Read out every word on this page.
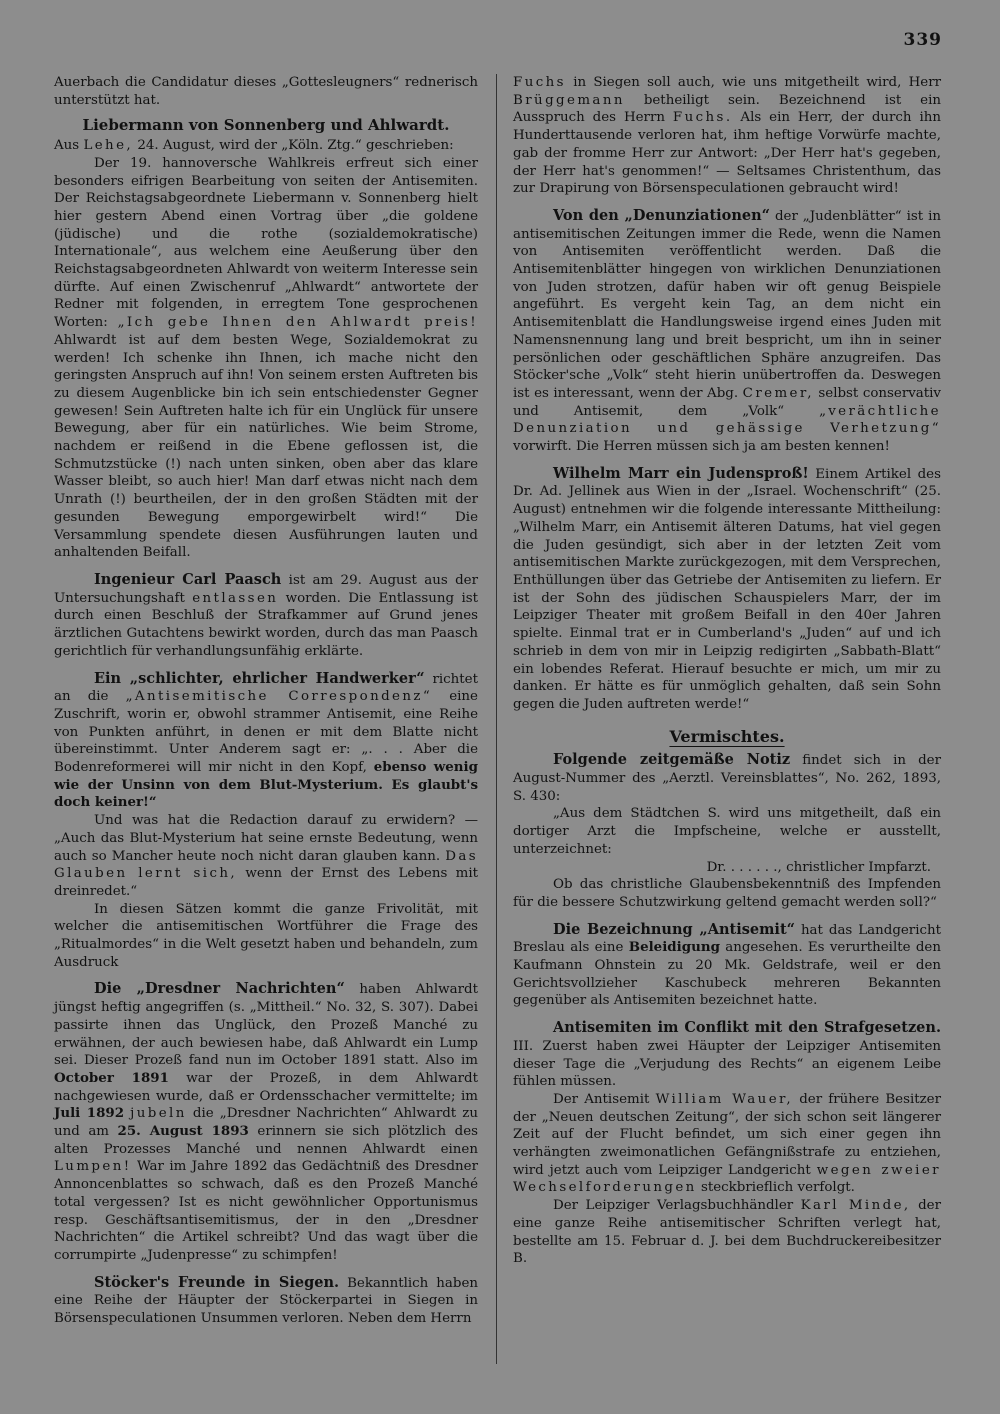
339

Auerbach die Candidatur dieses „Gottesleugners“ rednerisch unterstützt hat.

Liebermann von Sonnenberg und Ahlwardt.

Aus Lehe, 24. August, wird der „Köln. Ztg.“ geschrieben:

Der 19. hannoversche Wahlkreis erfreut sich einer besonders eifrigen Bearbeitung von seiten der Antisemiten. Der Reichstagsabgeordnete Liebermann v. Sonnenberg hielt hier gestern Abend einen Vortrag über „die goldene (jüdische) und die rothe (sozialdemokratische) Internationale“, aus welchem eine Aeußerung über den Reichstagsabgeordneten Ahlwardt von weiterm Interesse sein dürfte. Auf einen Zwischenruf „Ahlwardt“ antwortete der Redner mit folgenden, in erregtem Tone gesprochenen Worten: „Ich gebe Ihnen den Ahlwardt preis! Ahlwardt ist auf dem besten Wege, Sozialdemokrat zu werden! Ich schenke ihn Ihnen, ich mache nicht den geringsten Anspruch auf ihn! Von seinem ersten Auftreten bis zu diesem Augenblicke bin ich sein entschiedenster Gegner gewesen! Sein Auftreten halte ich für ein Unglück für unsere Bewegung, aber für ein natürliches. Wie beim Strome, nachdem er reißend in die Ebene geflossen ist, die Schmutzstücke (!) nach unten sinken, oben aber das klare Wasser bleibt, so auch hier! Man darf etwas nicht nach dem Unrath (!) beurtheilen, der in den großen Städten mit der gesunden Bewegung emporgewirbelt wird!“ Die Versammlung spendete diesen Ausführungen lauten und anhaltenden Beifall.

Ingenieur Carl Paasch ist am 29. August aus der Untersuchungshaft entlassen worden. Die Entlassung ist durch einen Beschluß der Strafkammer auf Grund jenes ärztlichen Gutachtens bewirkt worden, durch das man Paasch gerichtlich für verhandlungsunfähig erklärte.

Ein „schlichter, ehrlicher Handwerker“ richtet an die „Antisemitische Correspondenz“ eine Zuschrift, worin er, obwohl strammer Antisemit, eine Reihe von Punkten anführt, in denen er mit dem Blatte nicht übereinstimmt. Unter Anderem sagt er: „. . . Aber die Bodenreformerei will mir nicht in den Kopf, ebenso wenig wie der Unsinn von dem Blut-Mysterium. Es glaubt's doch keiner!“

Und was hat die Redaction darauf zu erwidern? — „Auch das Blut-Mysterium hat seine ernste Bedeutung, wenn auch so Mancher heute noch nicht daran glauben kann. Das Glauben lernt sich, wenn der Ernst des Lebens mit dreinredet.“

In diesen Sätzen kommt die ganze Frivolität, mit welcher die antisemitischen Wortführer die Frage des „Ritualmordes“ in die Welt gesetzt haben und behandeln, zum Ausdruck

Die „Dresdner Nachrichten“ haben Ahlwardt jüngst heftig angegriffen (s. „Mittheil.“ No. 32, S. 307). Dabei passirte ihnen das Unglück, den Prozeß Manché zu erwähnen, der auch bewiesen habe, daß Ahlwardt ein Lump sei. Dieser Prozeß fand nun im October 1891 statt. Also im October 1891 war der Prozeß, in dem Ahlwardt nachgewiesen wurde, daß er Ordensschacher vermittelte; im Juli 1892 jubeln die „Dresdner Nachrichten“ Ahlwardt zu und am 25. August 1893 erinnern sie sich plötzlich des alten Prozesses Manché und nennen Ahlwardt einen Lumpen! War im Jahre 1892 das Gedächtniß des Dresdner Annoncenblattes so schwach, daß es den Prozeß Manché total vergessen? Ist es nicht gewöhnlicher Opportunismus resp. Geschäftsantisemitismus, der in den „Dresdner Nachrichten“ die Artikel schreibt? Und das wagt über die corrumpirte „Judenpresse“ zu schimpfen!

Stöcker's Freunde in Siegen. Bekanntlich haben eine Reihe der Häupter der Stöckerpartei in Siegen in Börsenspeculationen Unsummen verloren. Neben dem Herrn

Fuchs in Siegen soll auch, wie uns mitgetheilt wird, Herr Brüggemann betheiligt sein. Bezeichnend ist ein Ausspruch des Herrn Fuchs. Als ein Herr, der durch ihn Hunderttausende verloren hat, ihm heftige Vorwürfe machte, gab der fromme Herr zur Antwort: „Der Herr hat's gegeben, der Herr hat's genommen!“ — Seltsames Christenthum, das zur Drapirung von Börsenspeculationen gebraucht wird!

Von den „Denunziationen“ der „Judenblätter“ ist in antisemitischen Zeitungen immer die Rede, wenn die Namen von Antisemiten veröffentlicht werden. Daß die Antisemitenblätter hingegen von wirklichen Denunziationen von Juden strotzen, dafür haben wir oft genug Beispiele angeführt. Es vergeht kein Tag, an dem nicht ein Antisemitenblatt die Handlungsweise irgend eines Juden mit Namensnennung lang und breit bespricht, um ihn in seiner persönlichen oder geschäftlichen Sphäre anzugreifen. Das Stöcker'sche „Volk“ steht hierin unübertroffen da. Deswegen ist es interessant, wenn der Abg. Cremer, selbst conservativ und Antisemit, dem „Volk“	„verächtliche Denunziation und gehässige Verhetzung“ vorwirft. Die Herren müssen sich ja am besten kennen!

Wilhelm Marr ein Judensproß! Einem Artikel des Dr. Ad. Jellinek aus Wien in der „Israel. Wochenschrift“ (25. August) entnehmen wir die folgende interessante Mittheilung: „Wilhelm Marr, ein Antisemit älteren Datums, hat viel gegen die Juden gesündigt, sich aber in der letzten Zeit vom antisemitischen Markte zurückgezogen, mit dem Versprechen, Enthüllungen über das Getriebe der Antisemiten zu liefern. Er ist der Sohn des jüdischen Schauspielers Marr, der im Leipziger Theater mit großem Beifall in den 40er Jahren spielte. Einmal trat er in Cumberland's „Juden“ auf und ich schrieb in dem von mir in Leipzig redigirten „Sabbath-Blatt“ ein lobendes Referat. Hierauf besuchte er mich, um mir zu danken. Er hätte es für unmöglich gehalten, daß sein Sohn gegen die Juden auftreten werde!“

Vermischtes.

Folgende zeitgemäße Notiz findet sich in der August-Nummer des „Aerztl. Vereinsblattes“, No. 262, 1893, S. 430:

„Aus dem Städtchen S. wird uns mitgetheilt, daß ein dortiger Arzt die Impfscheine, welche er ausstellt, unterzeichnet:

Dr. . . . . . ., christlicher Impfarzt.

Ob das christliche Glaubensbekenntniß des Impfenden für die bessere Schutzwirkung geltend gemacht werden soll?“

Die Bezeichnung „Antisemit“ hat das Landgericht Breslau als eine Beleidigung angesehen. Es verurtheilte den Kaufmann Ohnstein zu 20 Mk. Geldstrafe, weil er den Gerichtsvollzieher Kaschubeck mehreren Bekannten gegenüber als Antisemiten bezeichnet hatte.

Antisemiten im Conflikt mit den Strafgesetzen. III. Zuerst haben zwei Häupter der Leipziger Antisemiten dieser Tage die „Verjudung des Rechts“ an eigenem Leibe fühlen müssen.

Der Antisemit William Wauer, der frühere Besitzer der „Neuen deutschen Zeitung“, der sich schon seit längerer Zeit auf der Flucht befindet, um sich einer gegen ihn verhängten zweimonatlichen Gefängnißstrafe zu entziehen, wird jetzt auch vom Leipziger Landgericht wegen zweier Wechselforderungen steckbrieflich verfolgt.

Der Leipziger Verlagsbuchhändler Karl Minde, der eine ganze Reihe antisemitischer Schriften verlegt hat, bestellte am 15. Februar d. J. bei dem Buchdruckereibesitzer B.
